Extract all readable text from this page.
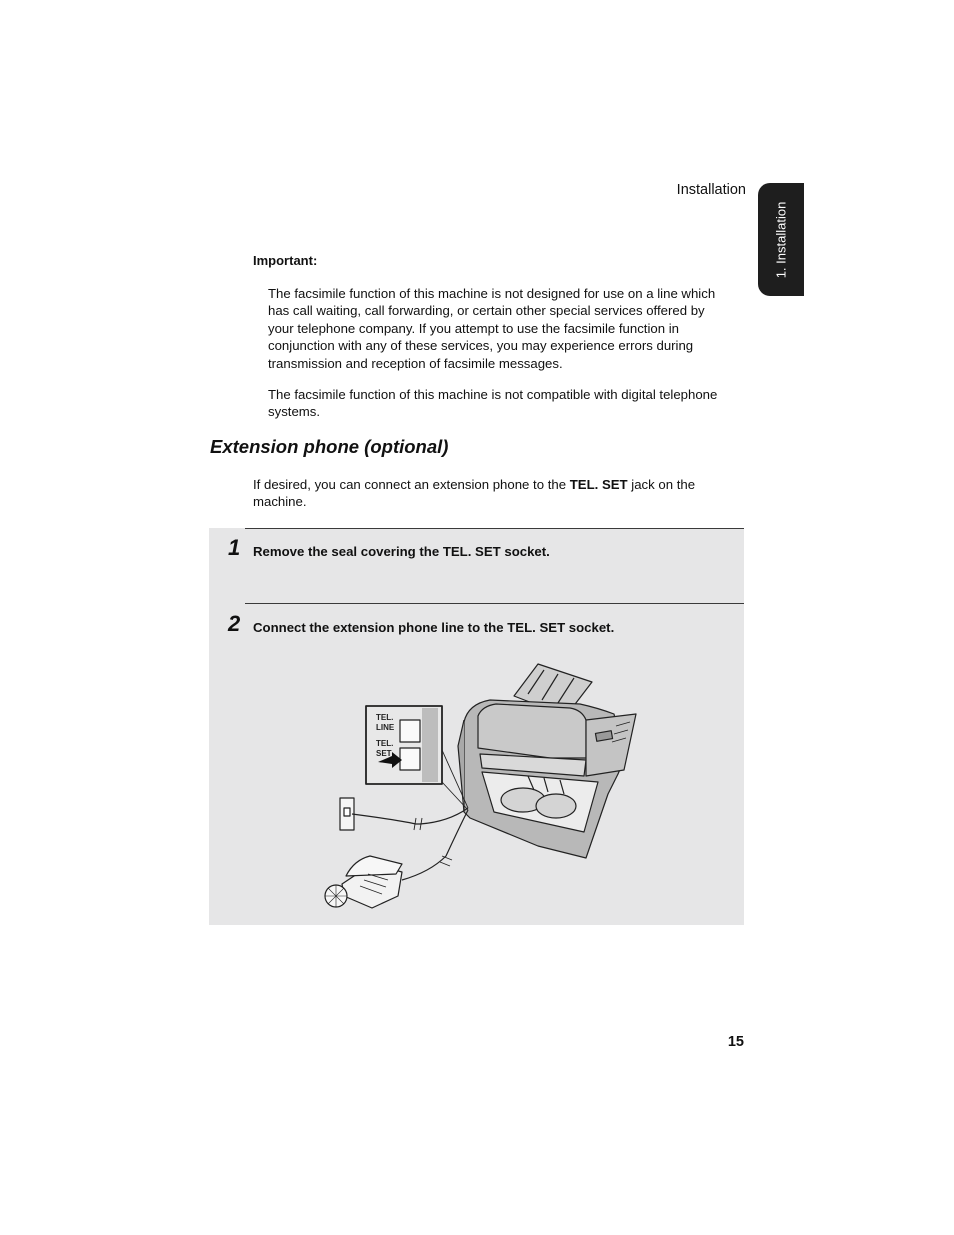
Installation
1. Installation
Important:
The facsimile function of this machine is not designed for use on a line which has call waiting, call forwarding, or certain other special services offered by your telephone company. If you attempt to use the facsimile function in conjunction with any of these services, you may experience errors during transmission and reception of facsimile messages.
The facsimile function of this machine is not compatible with digital telephone systems.
Extension phone (optional)
If desired, you can connect an extension phone to the TEL. SET jack on the machine.
1 Remove the seal covering the TEL. SET socket.
2 Connect the extension phone line to the TEL. SET socket.
TEL.
LINE
TEL.
SET
15
